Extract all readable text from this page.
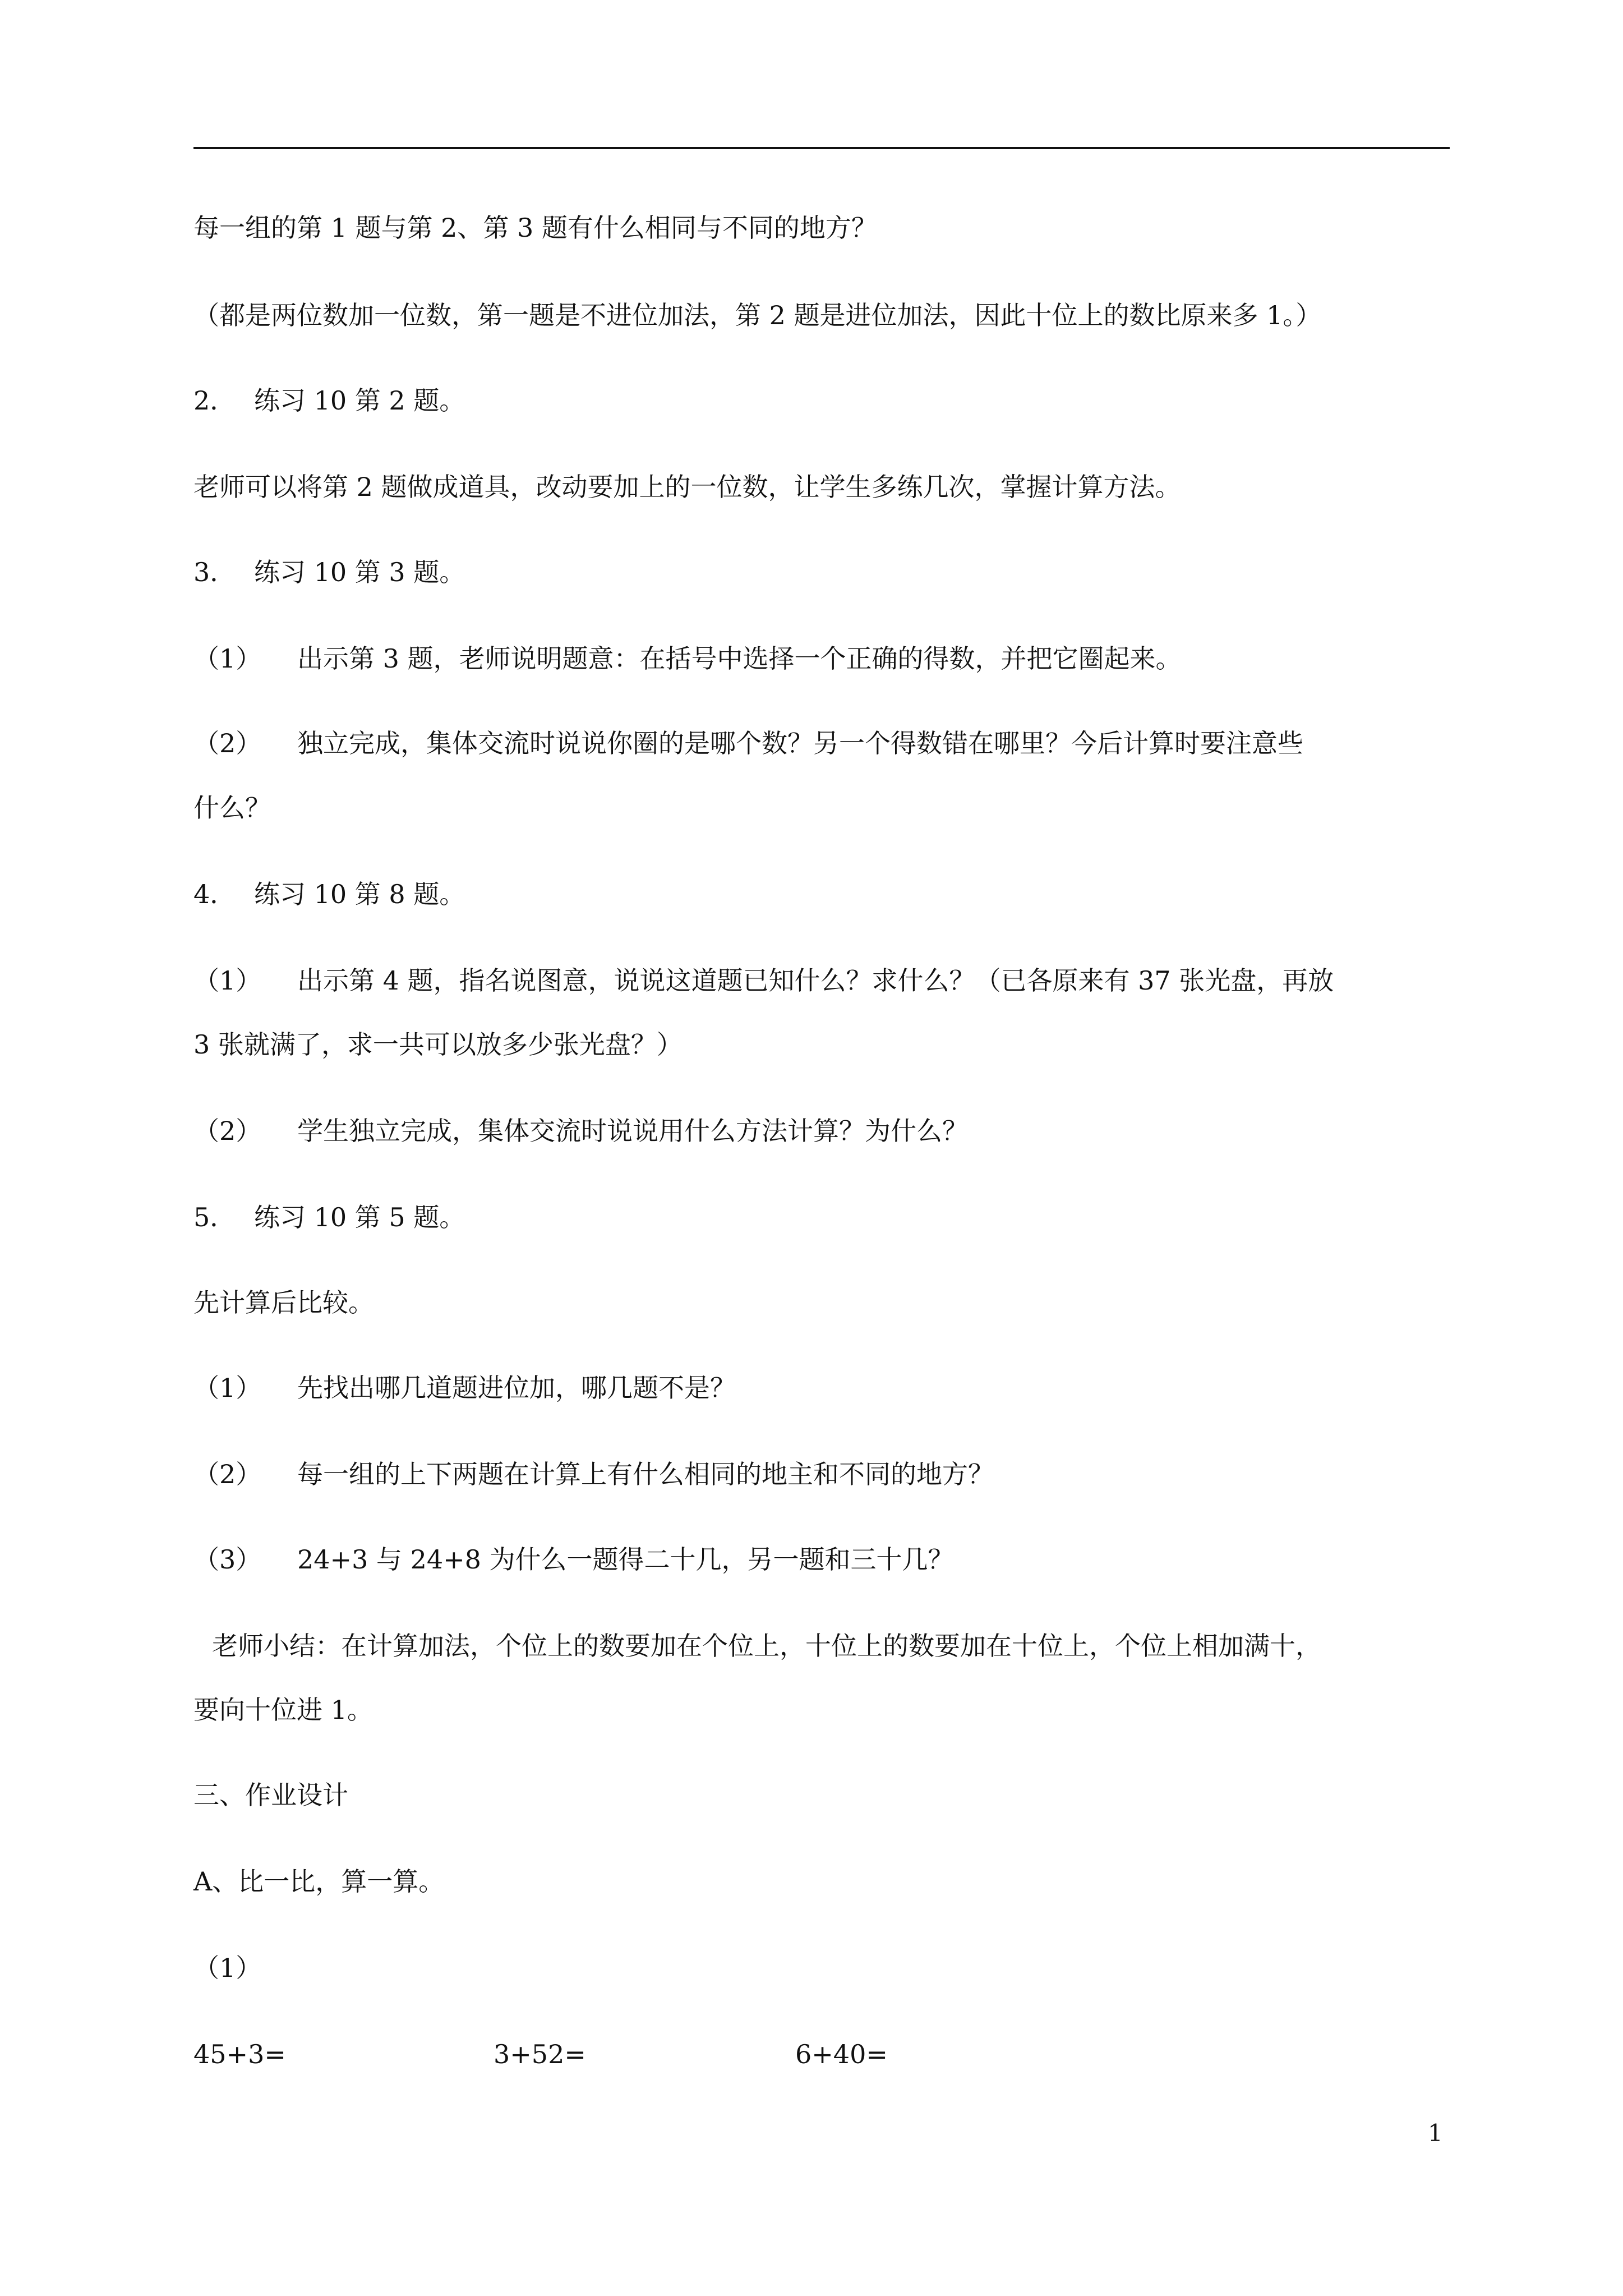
每一组的第 1 题与第 2、第 3 题有什么相同与不同的地方？
（都是两位数加一位数，第一题是不进位加法，第 2 题是进位加法，因此十位上的数比原来多 1。）
2． 练习 10 第 2 题。
老师可以将第 2 题做成道具，改动要加上的一位数，让学生多练几次，掌握计算方法。
3． 练习 10 第 3 题。
（1） 出示第 3 题，老师说明题意：在括号中选择一个正确的得数，并把它圈起来。
（2） 独立完成，集体交流时说说你圈的是哪个数？另一个得数错在哪里？今后计算时要注意些
什么？
4． 练习 10 第 8 题。
（1） 出示第 4 题，指名说图意，说说这道题已知什么？求什么？（已各原来有 37 张光盘，再放
3 张就满了，求一共可以放多少张光盘？）
（2） 学生独立完成，集体交流时说说用什么方法计算？为什么？
5． 练习 10 第 5 题。
先计算后比较。
（1） 先找出哪几道题进位加，哪几题不是？
（2） 每一组的上下两题在计算上有什么相同的地主和不同的地方？
（3） 24+3 与 24+8 为什么一题得二十几，另一题和三十几？
老师小结：在计算加法，个位上的数要加在个位上，十位上的数要加在十位上，个位上相加满十，
要向十位进 1。
三、作业设计
A、比一比，算一算。
（1）
45+3=	3+52=	6+40=
1
